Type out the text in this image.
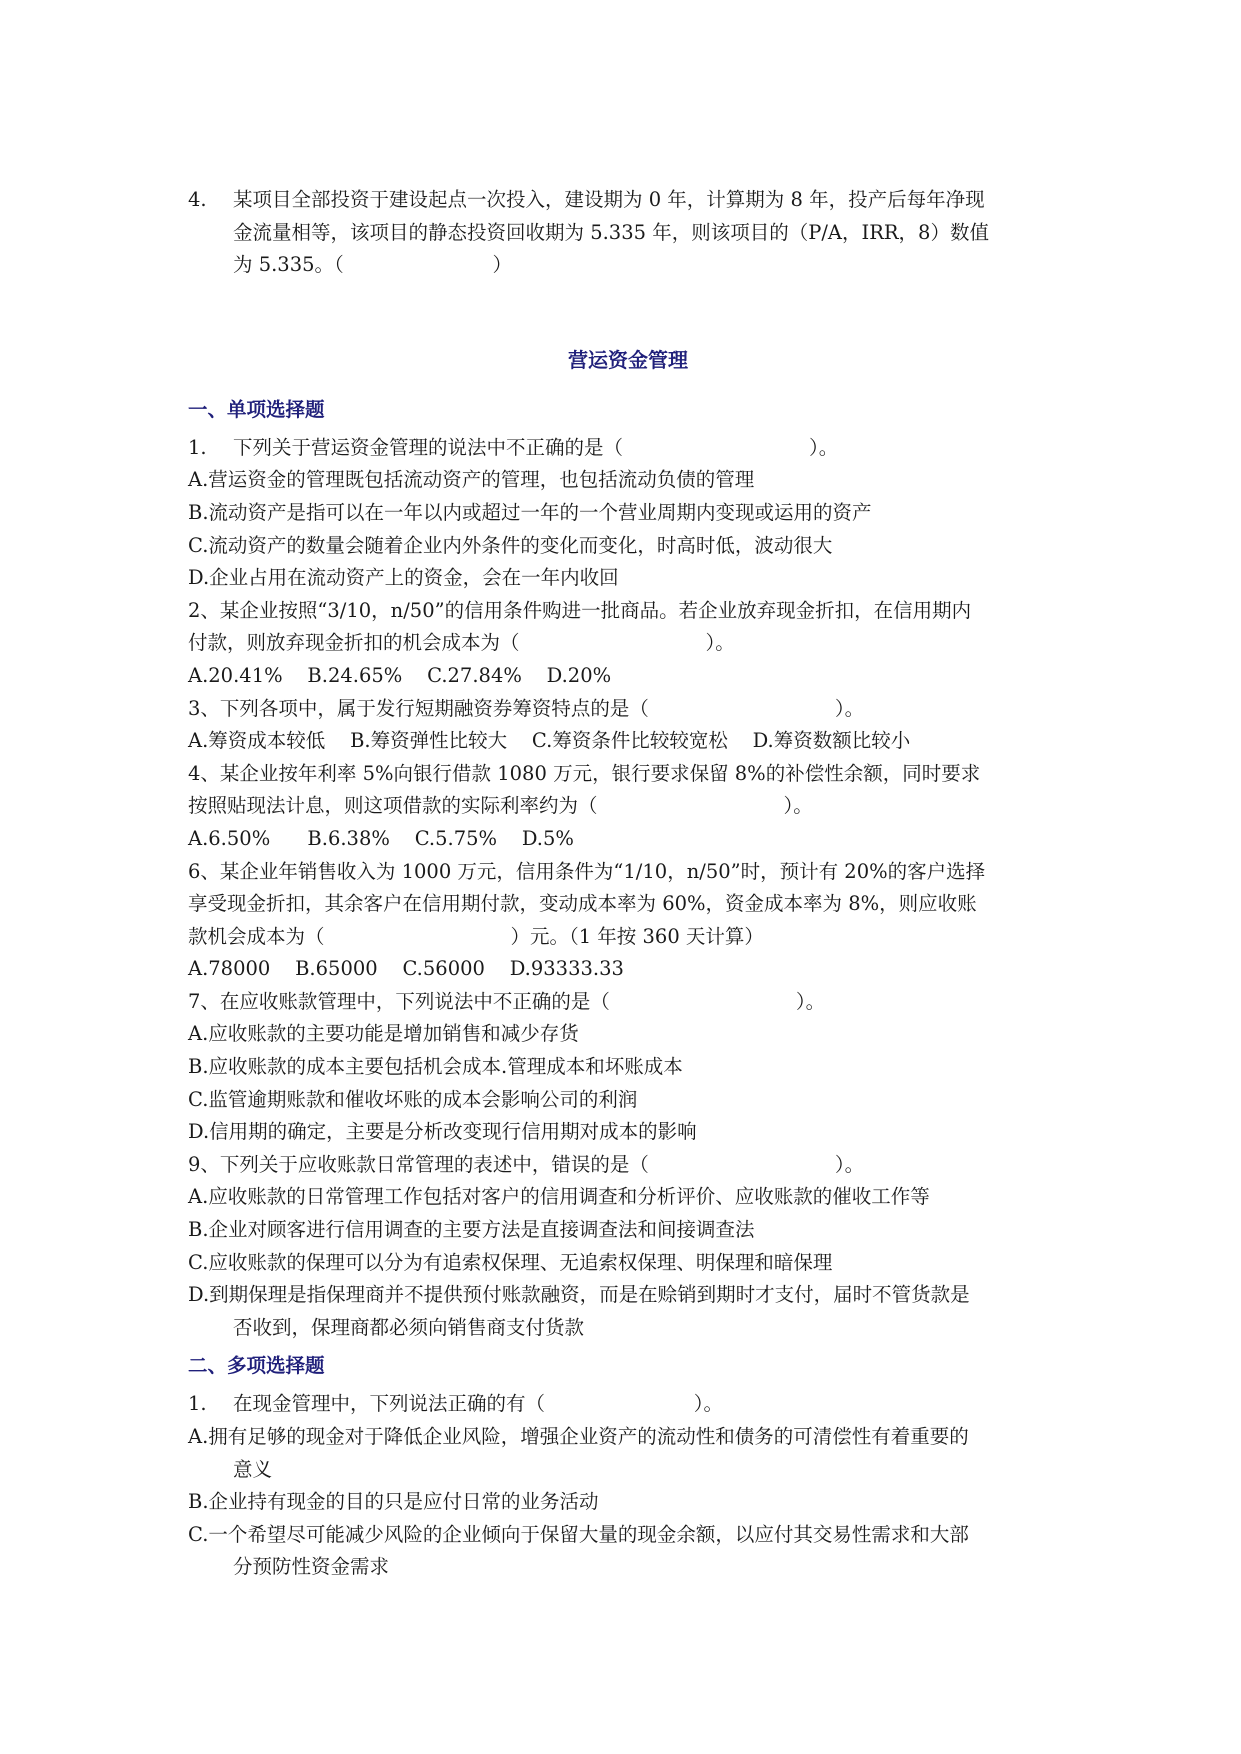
4. 某项目全部投资于建设起点一次投入，建设期为 0 年，计算期为 8 年，投产后每年净现
金流量相等，该项目的静态投资回收期为 5.335 年，则该项目的（P/A，IRR，8）数值
为 5.335。（                        ）
营运资金管理
一、单项选择题
1. 下列关于营运资金管理的说法中不正确的是（                              ）。
A.营运资金的管理既包括流动资产的管理，也包括流动负债的管理
B.流动资产是指可以在一年以内或超过一年的一个营业周期内变现或运用的资产
C.流动资产的数量会随着企业内外条件的变化而变化，时高时低，波动很大
D.企业占用在流动资产上的资金，会在一年内收回
2、某企业按照“3/10，n/50”的信用条件购进一批商品。若企业放弃现金折扣，在信用期内
付款，则放弃现金折扣的机会成本为（                              ）。
A.20.41%    B.24.65%    C.27.84%    D.20%
3、下列各项中，属于发行短期融资券筹资特点的是（                              ）。
A.筹资成本较低    B.筹资弹性比较大    C.筹资条件比较较宽松    D.筹资数额比较小
4、某企业按年利率 5%向银行借款 1080 万元，银行要求保留 8%的补偿性余额，同时要求
按照贴现法计息，则这项借款的实际利率约为（                              ）。
A.6.50%      B.6.38%    C.5.75%    D.5%
6、某企业年销售收入为 1000 万元，信用条件为“1/10，n/50”时，预计有 20%的客户选择
享受现金折扣，其余客户在信用期付款，变动成本率为 60%，资金成本率为 8%，则应收账
款机会成本为（                              ）元。（1 年按 360 天计算）
A.78000    B.65000    C.56000    D.93333.33
7、在应收账款管理中，下列说法中不正确的是（                              ）。
A.应收账款的主要功能是增加销售和减少存货
B.应收账款的成本主要包括机会成本.管理成本和坏账成本
C.监管逾期账款和催收坏账的成本会影响公司的利润
D.信用期的确定，主要是分析改变现行信用期对成本的影响
9、下列关于应收账款日常管理的表述中，错误的是（                              ）。
A.应收账款的日常管理工作包括对客户的信用调查和分析评价、应收账款的催收工作等
B.企业对顾客进行信用调查的主要方法是直接调查法和间接调查法
C.应收账款的保理可以分为有追索权保理、无追索权保理、明保理和暗保理
D.到期保理是指保理商并不提供预付账款融资，而是在赊销到期时才支付，届时不管货款是
否收到，保理商都必须向销售商支付货款
二、多项选择题
1. 在现金管理中，下列说法正确的有（                        ）。
A.拥有足够的现金对于降低企业风险，增强企业资产的流动性和债务的可清偿性有着重要的
意义
B.企业持有现金的目的只是应付日常的业务活动
C.一个希望尽可能减少风险的企业倾向于保留大量的现金余额，以应付其交易性需求和大部
分预防性资金需求
